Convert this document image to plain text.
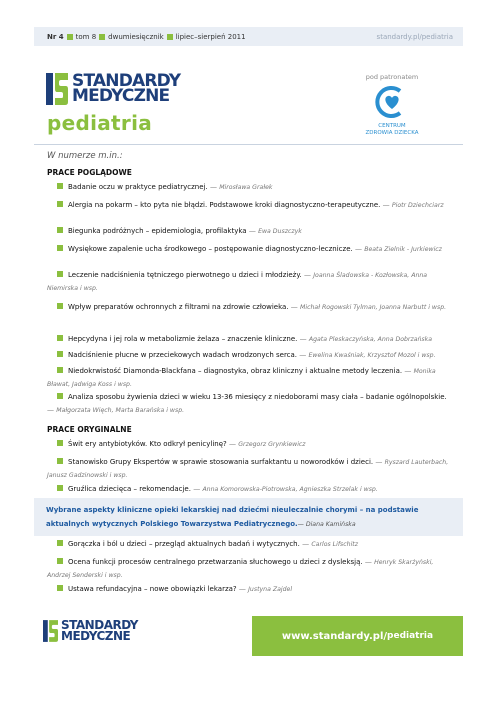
Nr 4 tom 8 dwumiesięcznik lipiec–sierpień 2011	standardy.pl/pediatria
STANDARDY
MEDYCZNE
pediatria
pod patronatem
CENTRUM
ZDROWIA DZIECKA
W numerze m.in.:
PRACE POGLĄDOWE
Badanie oczu w praktyce pediatrycznej. — Mirosława Grałek
Alergia na pokarm – kto pyta nie błądzi. Podstawowe kroki diagnostyczno-terapeutyczne. — Piotr Dziechciarz
Biegunka podróżnych – epidemiologia, profilaktyka — Ewa Duszczyk
Wysiękowe zapalenie ucha środkowego – postępowanie diagnostyczno-lecznicze. — Beata Zielnik - Jurkiewicz
Leczenie nadciśnienia tętniczego pierwotnego u dzieci i młodzieży. — Joanna Śladowska - Kozłowska, Anna Niemirska i wsp.
Wpływ preparatów ochronnych z filtrami na zdrowie człowieka. — Michał Rogowski Tylman, Joanna Narbutt i wsp.
Hepcydyna i jej rola w metabolizmie żelaza – znaczenie kliniczne. — Agata Pleskaczyńska, Anna Dobrzańska
Nadciśnienie płucne w przeciekowych wadach wrodzonych serca. — Ewelina Kwaśniak, Krzysztof Mozol i wsp.
Niedokrwistość Diamonda-Blackfana – diagnostyka, obraz kliniczny i aktualne metody leczenia. — Monika Bławat, Jadwiga Koss i wsp.
Analiza sposobu żywienia dzieci w wieku 13-36 miesięcy z niedoborami masy ciała – badanie ogólnopolskie. — Małgorzata Więch, Marta Barańska i wsp.
PRACE ORYGINALNE
Świt ery antybiotyków. Kto odkrył penicylinę? — Grzegorz Grynkiewicz
Stanowisko Grupy Ekspertów w sprawie stosowania surfaktantu u noworodków i dzieci. — Ryszard Lauterbach, Janusz Gadzinowski i wsp.
Gruźlica dziecięca – rekomendacje. — Anna Komorowska-Piotrowska, Agnieszka Strzelak i wsp.
Wybrane aspekty kliniczne opieki lekarskiej nad dziećmi nieuleczalnie chorymi – na podstawie aktualnych wytycznych Polskiego Towarzystwa Pediatrycznego.— Diana Kamińska
Gorączka i ból u dzieci – przegląd aktualnych badań i wytycznych. — Carlos Lifschitz
Ocena funkcji procesów centralnego przetwarzania słuchowego u dzieci z dysleksją. — Henryk Skarżyński, Andrzej Senderski i wsp.
Ustawa refundacyjna – nowe obowiązki lekarza? — Justyna Zajdel
STANDARDY
MEDYCZNE	www.standardy.pl/ pediatria
